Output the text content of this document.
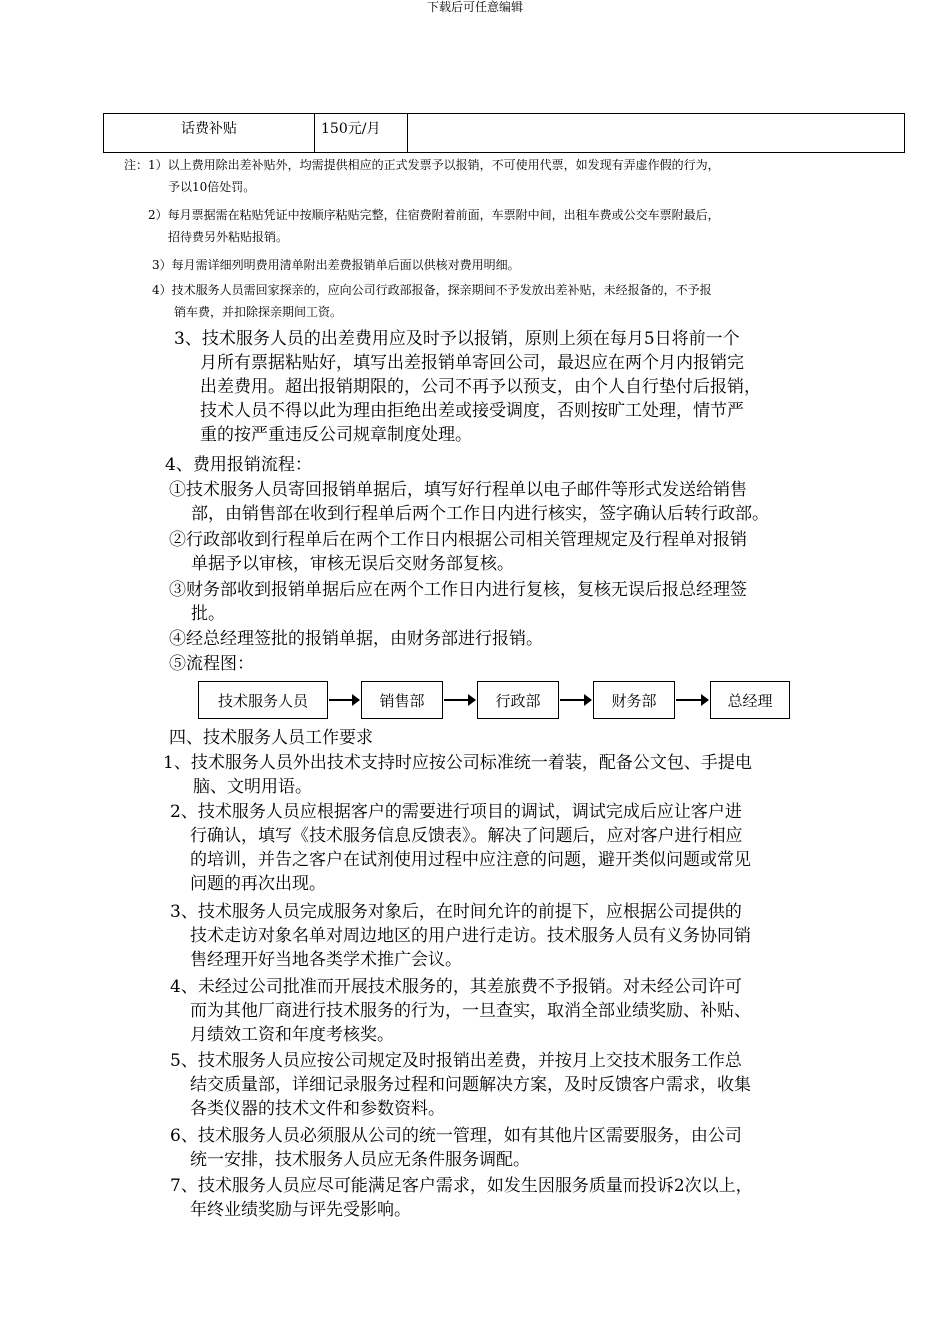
下载后可任意编辑
话费补贴	150元/月	
注：1）以上费用除出差补贴外，均需提供相应的正式发票予以报销，不可使用代票，如发现有弄虚作假的行为，
予以10倍处罚。
2）每月票据需在粘贴凭证中按顺序粘贴完整，住宿费附着前面，车票附中间，出租车费或公交车票附最后，
招待费另外粘贴报销。
3）每月需详细列明费用清单附出差费报销单后面以供核对费用明细。
4）技术服务人员需回家探亲的，应向公司行政部报备，探亲期间不予发放出差补贴，未经报备的，不予报
销车费，并扣除探亲期间工资。
3、技术服务人员的出差费用应及时予以报销，原则上须在每月5日将前一个
月所有票据粘贴好，填写出差报销单寄回公司，最迟应在两个月内报销完
出差费用。超出报销期限的，公司不再予以预支，由个人自行垫付后报销，
技术人员不得以此为理由拒绝出差或接受调度，否则按旷工处理，情节严
重的按严重违反公司规章制度处理。
4、费用报销流程：
①技术服务人员寄回报销单据后，填写好行程单以电子邮件等形式发送给销售
部，由销售部在收到行程单后两个工作日内进行核实，签字确认后转行政部。
②行政部收到行程单后在两个工作日内根据公司相关管理规定及行程单对报销
单据予以审核，审核无误后交财务部复核。
③财务部收到报销单据后应在两个工作日内进行复核，复核无误后报总经理签
批。
④经总经理签批的报销单据，由财务部进行报销。
⑤流程图：
技术服务人员	销售部	行政部	财务部	总经理
四、技术服务人员工作要求
1、技术服务人员外出技术支持时应按公司标准统一着装，配备公文包、手提电
脑、文明用语。
2、技术服务人员应根据客户的需要进行项目的调试，调试完成后应让客户进
行确认，填写《技术服务信息反馈表》。解决了问题后，应对客户进行相应
的培训，并告之客户在试剂使用过程中应注意的问题，避开类似问题或常见
问题的再次出现。
3、技术服务人员完成服务对象后，在时间允许的前提下，应根据公司提供的
技术走访对象名单对周边地区的用户进行走访。技术服务人员有义务协同销
售经理开好当地各类学术推广会议。
4、未经过公司批准而开展技术服务的，其差旅费不予报销。对未经公司许可
而为其他厂商进行技术服务的行为，一旦查实，取消全部业绩奖励、补贴、
月绩效工资和年度考核奖。
5、技术服务人员应按公司规定及时报销出差费，并按月上交技术服务工作总
结交质量部，详细记录服务过程和问题解决方案，及时反馈客户需求，收集
各类仪器的技术文件和参数资料。
6、技术服务人员必须服从公司的统一管理，如有其他片区需要服务，由公司
统一安排，技术服务人员应无条件服务调配。
7、技术服务人员应尽可能满足客户需求，如发生因服务质量而投诉2次以上，
年终业绩奖励与评先受影响。
